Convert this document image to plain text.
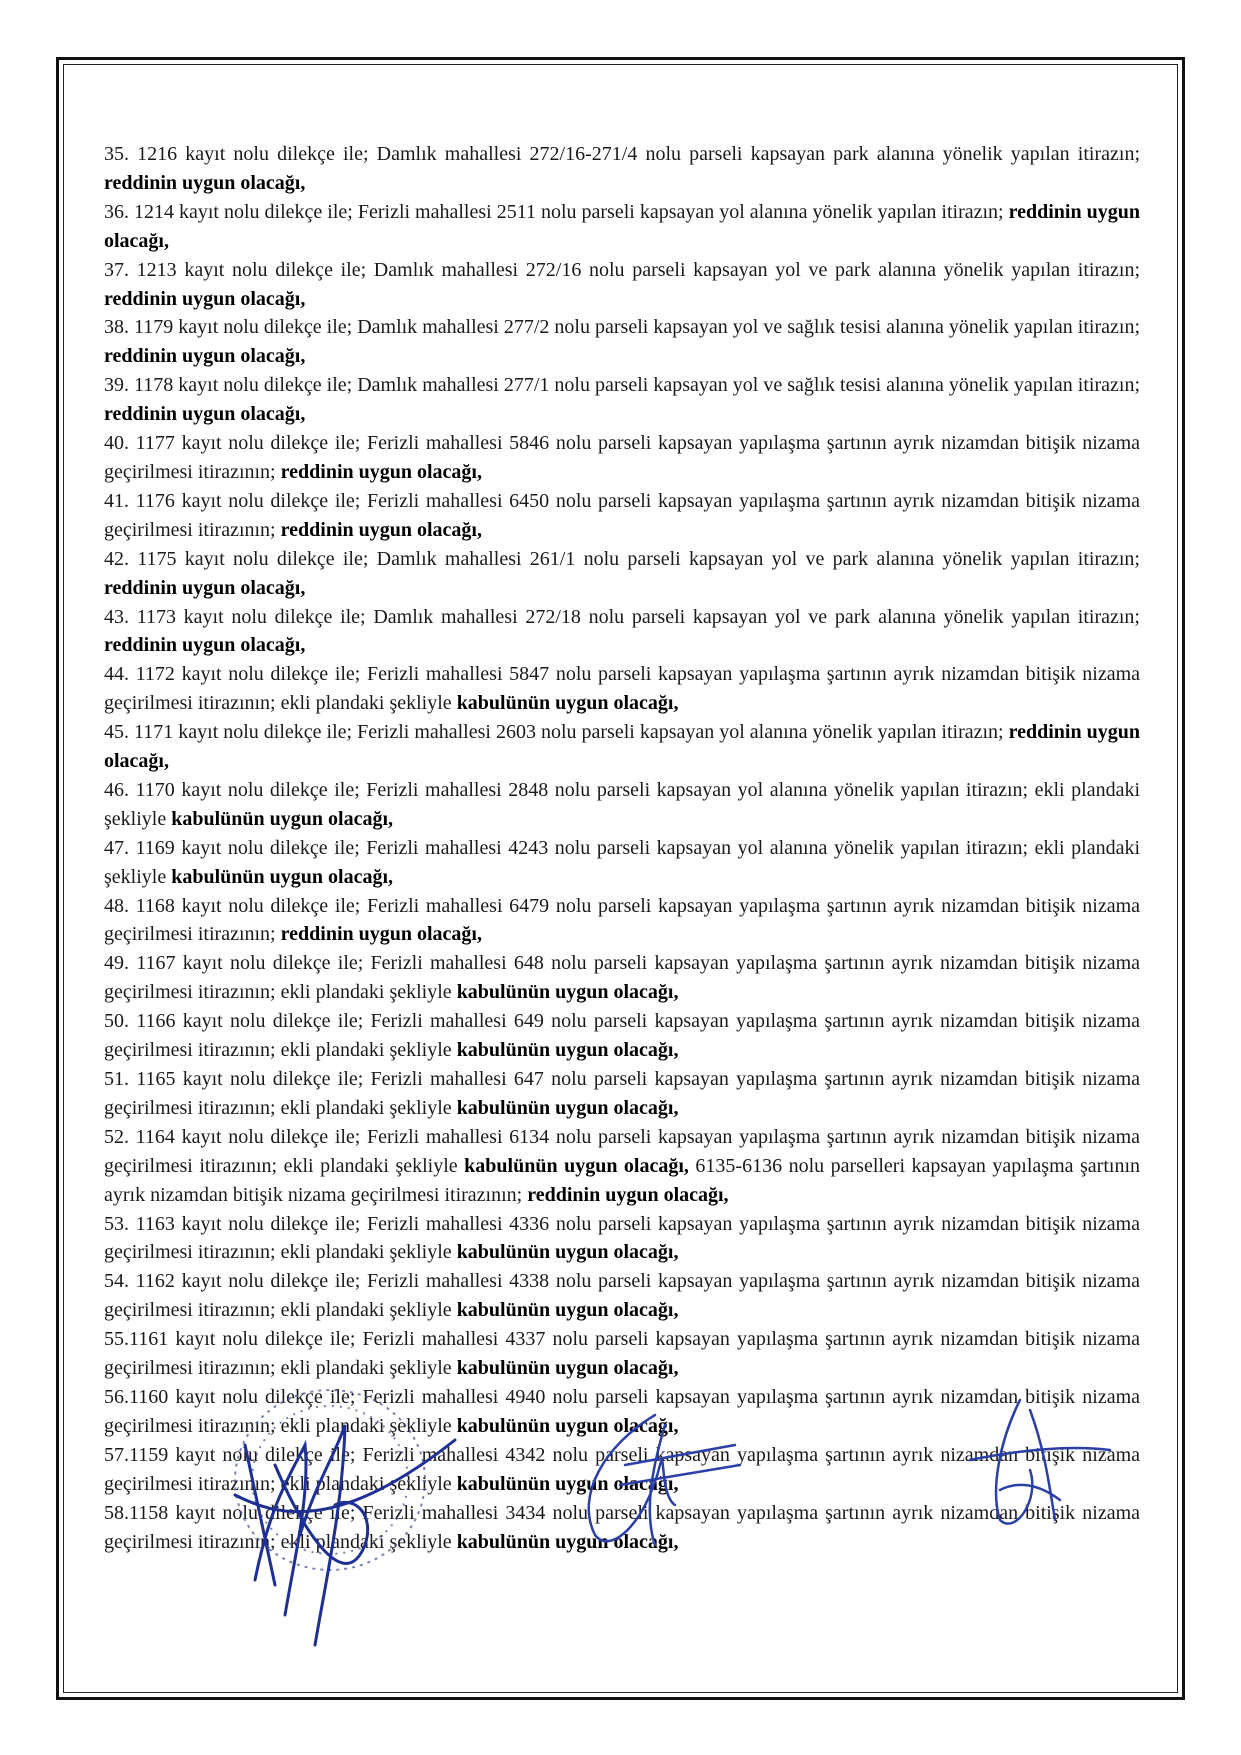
35. 1216 kayıt nolu dilekçe ile; Damlık mahallesi 272/16-271/4 nolu parseli kapsayan park alanına yönelik yapılan itirazın; reddinin uygun olacağı,

36. 1214 kayıt nolu dilekçe ile; Ferizli mahallesi 2511 nolu parseli kapsayan yol alanına yönelik yapılan itirazın; reddinin uygun olacağı,

37. 1213 kayıt nolu dilekçe ile; Damlık mahallesi 272/16 nolu parseli kapsayan yol ve park alanına yönelik yapılan itirazın; reddinin uygun olacağı,

38. 1179 kayıt nolu dilekçe ile; Damlık mahallesi 277/2 nolu parseli kapsayan yol ve sağlık tesisi alanına yönelik yapılan itirazın; reddinin uygun olacağı,

39. 1178 kayıt nolu dilekçe ile; Damlık mahallesi 277/1 nolu parseli kapsayan yol ve sağlık tesisi alanına yönelik yapılan itirazın; reddinin uygun olacağı,

40. 1177 kayıt nolu dilekçe ile; Ferizli mahallesi 5846 nolu parseli kapsayan yapılaşma şartının ayrık nizamdan bitişik nizama geçirilmesi itirazının; reddinin uygun olacağı,

41. 1176 kayıt nolu dilekçe ile; Ferizli mahallesi 6450 nolu parseli kapsayan yapılaşma şartının ayrık nizamdan bitişik nizama geçirilmesi itirazının; reddinin uygun olacağı,

42. 1175 kayıt nolu dilekçe ile; Damlık mahallesi 261/1 nolu parseli kapsayan yol ve park alanına yönelik yapılan itirazın; reddinin uygun olacağı,

43. 1173 kayıt nolu dilekçe ile; Damlık mahallesi 272/18 nolu parseli kapsayan yol ve park alanına yönelik yapılan itirazın; reddinin uygun olacağı,

44. 1172 kayıt nolu dilekçe ile; Ferizli mahallesi 5847 nolu parseli kapsayan yapılaşma şartının ayrık nizamdan bitişik nizama geçirilmesi itirazının; ekli plandaki şekliyle kabulünün uygun olacağı,

45. 1171 kayıt nolu dilekçe ile; Ferizli mahallesi 2603 nolu parseli kapsayan yol alanına yönelik yapılan itirazın; reddinin uygun olacağı,

46. 1170 kayıt nolu dilekçe ile; Ferizli mahallesi 2848 nolu parseli kapsayan yol alanına yönelik yapılan itirazın; ekli plandaki şekliyle kabulünün uygun olacağı,

47. 1169 kayıt nolu dilekçe ile; Ferizli mahallesi 4243 nolu parseli kapsayan yol alanına yönelik yapılan itirazın; ekli plandaki şekliyle kabulünün uygun olacağı,

48. 1168 kayıt nolu dilekçe ile; Ferizli mahallesi 6479 nolu parseli kapsayan yapılaşma şartının ayrık nizamdan bitişik nizama geçirilmesi itirazının; reddinin uygun olacağı,

49. 1167 kayıt nolu dilekçe ile; Ferizli mahallesi 648 nolu parseli kapsayan yapılaşma şartının ayrık nizamdan bitişik nizama geçirilmesi itirazının; ekli plandaki şekliyle kabulünün uygun olacağı,

50. 1166 kayıt nolu dilekçe ile; Ferizli mahallesi 649 nolu parseli kapsayan yapılaşma şartının ayrık nizamdan bitişik nizama geçirilmesi itirazının; ekli plandaki şekliyle kabulünün uygun olacağı,

51. 1165 kayıt nolu dilekçe ile; Ferizli mahallesi 647 nolu parseli kapsayan yapılaşma şartının ayrık nizamdan bitişik nizama geçirilmesi itirazının; ekli plandaki şekliyle kabulünün uygun olacağı,

52. 1164 kayıt nolu dilekçe ile; Ferizli mahallesi 6134 nolu parseli kapsayan yapılaşma şartının ayrık nizamdan bitişik nizama geçirilmesi itirazının; ekli plandaki şekliyle kabulünün uygun olacağı, 6135-6136 nolu parselleri kapsayan yapılaşma şartının ayrık nizamdan bitişik nizama geçirilmesi itirazının; reddinin uygun olacağı,

53. 1163 kayıt nolu dilekçe ile; Ferizli mahallesi 4336 nolu parseli kapsayan yapılaşma şartının ayrık nizamdan bitişik nizama geçirilmesi itirazının; ekli plandaki şekliyle kabulünün uygun olacağı,

54. 1162 kayıt nolu dilekçe ile; Ferizli mahallesi 4338 nolu parseli kapsayan yapılaşma şartının ayrık nizamdan bitişik nizama geçirilmesi itirazının; ekli plandaki şekliyle kabulünün uygun olacağı,

55.1161 kayıt nolu dilekçe ile; Ferizli mahallesi 4337 nolu parseli kapsayan yapılaşma şartının ayrık nizamdan bitişik nizama geçirilmesi itirazının; ekli plandaki şekliyle kabulünün uygun olacağı,

56.1160 kayıt nolu dilekçe ile; Ferizli mahallesi 4940 nolu parseli kapsayan yapılaşma şartının ayrık nizamdan bitişik nizama geçirilmesi itirazının; ekli plandaki şekliyle kabulünün uygun olacağı,

57.1159 kayıt nolu dilekçe ile; Ferizli mahallesi 4342 nolu parseli kapsayan yapılaşma şartının ayrık nizamdan bitişik nizama geçirilmesi itirazının; ekli plandaki şekliyle kabulünün uygun olacağı,

58.1158 kayıt nolu dilekçe ile; Ferizli mahallesi 3434 nolu parseli kapsayan yapılaşma şartının ayrık nizamdan bitişik nizama geçirilmesi itirazının; ekli plandaki şekliyle kabulünün uygun olacağı,
